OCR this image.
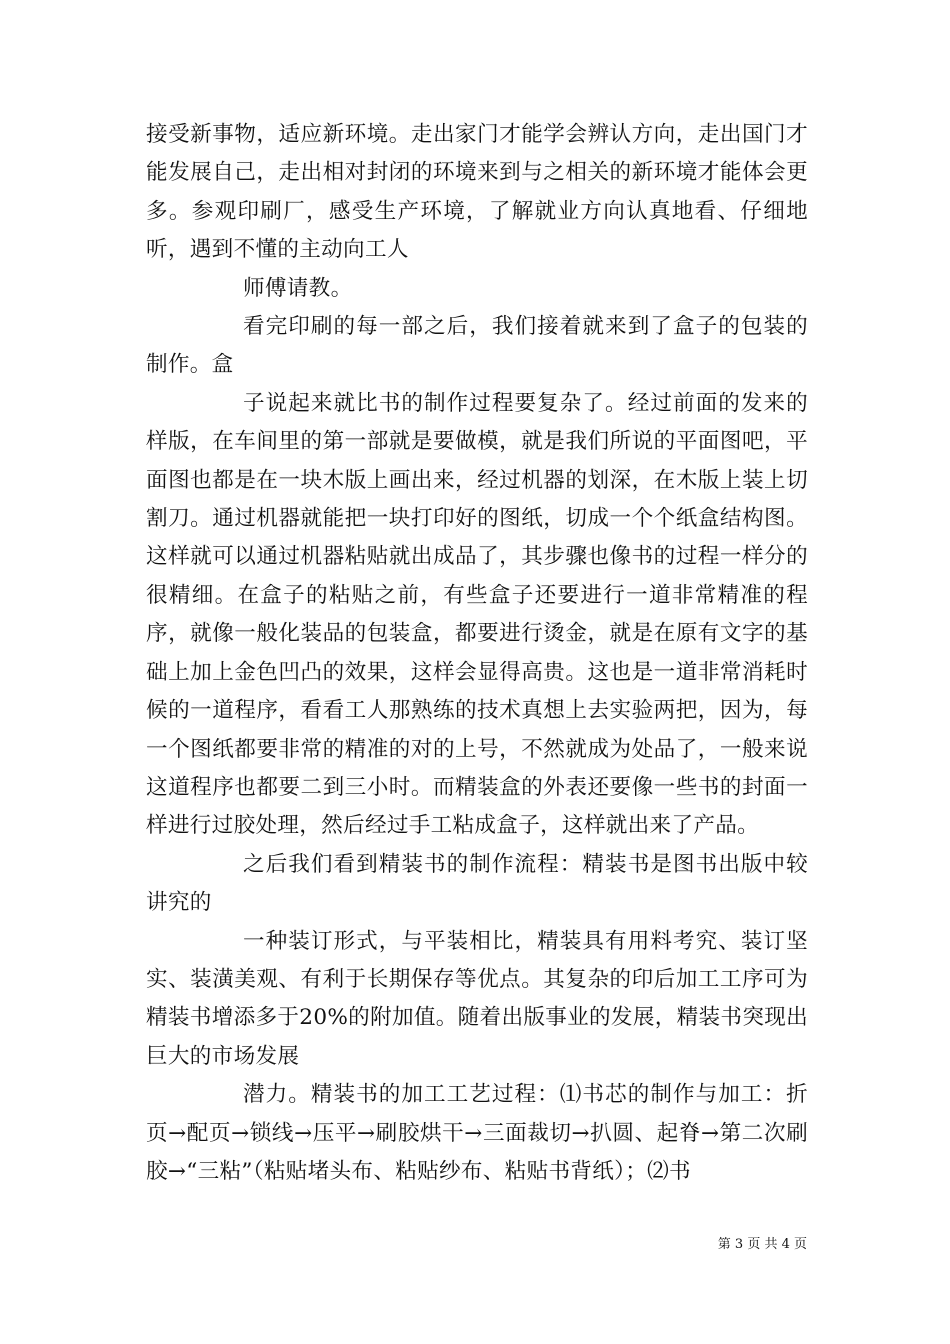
接受新事物，适应新环境。走出家门才能学会辨认方向，走出国门才能发展自己，走出相对封闭的环境来到与之相关的新环境才能体会更多。参观印刷厂，感受生产环境，了解就业方向认真地看、仔细地听，遇到不懂的主动向工人

师傅请教。

看完印刷的每一部之后，我们接着就来到了盒子的包装的制作。盒

子说起来就比书的制作过程要复杂了。经过前面的发来的样版，在车间里的第一部就是要做模，就是我们所说的平面图吧，平面图也都是在一块木版上画出来，经过机器的划深，在木版上装上切割刀。通过机器就能把一块打印好的图纸，切成一个个纸盒结构图。这样就可以通过机器粘贴就出成品了，其步骤也像书的过程一样分的很精细。在盒子的粘贴之前，有些盒子还要进行一道非常精准的程序，就像一般化装品的包装盒，都要进行烫金，就是在原有文字的基础上加上金色凹凸的效果，这样会显得高贵。这也是一道非常消耗时候的一道程序，看看工人那熟练的技术真想上去实验两把，因为，每一个图纸都要非常的精准的对的上号，不然就成为处品了，一般来说这道程序也都要二到三小时。而精装盒的外表还要像一些书的封面一样进行过胶处理，然后经过手工粘成盒子，这样就出来了产品。

之后我们看到精装书的制作流程：精装书是图书出版中较讲究的

一种装订形式，与平装相比，精装具有用料考究、装订坚实、装潢美观、有利于长期保存等优点。其复杂的印后加工工序可为精装书增添多于20%的附加值。随着出版事业的发展，精装书突现出巨大的市场发展

潜力。精装书的加工工艺过程：⑴书芯的制作与加工：折页→配页→锁线→压平→刷胶烘干→三面裁切→扒圆、起脊→第二次刷胶→“三粘”（粘贴堵头布、粘贴纱布、粘贴书背纸）；⑵书

第 3 页 共 4 页
